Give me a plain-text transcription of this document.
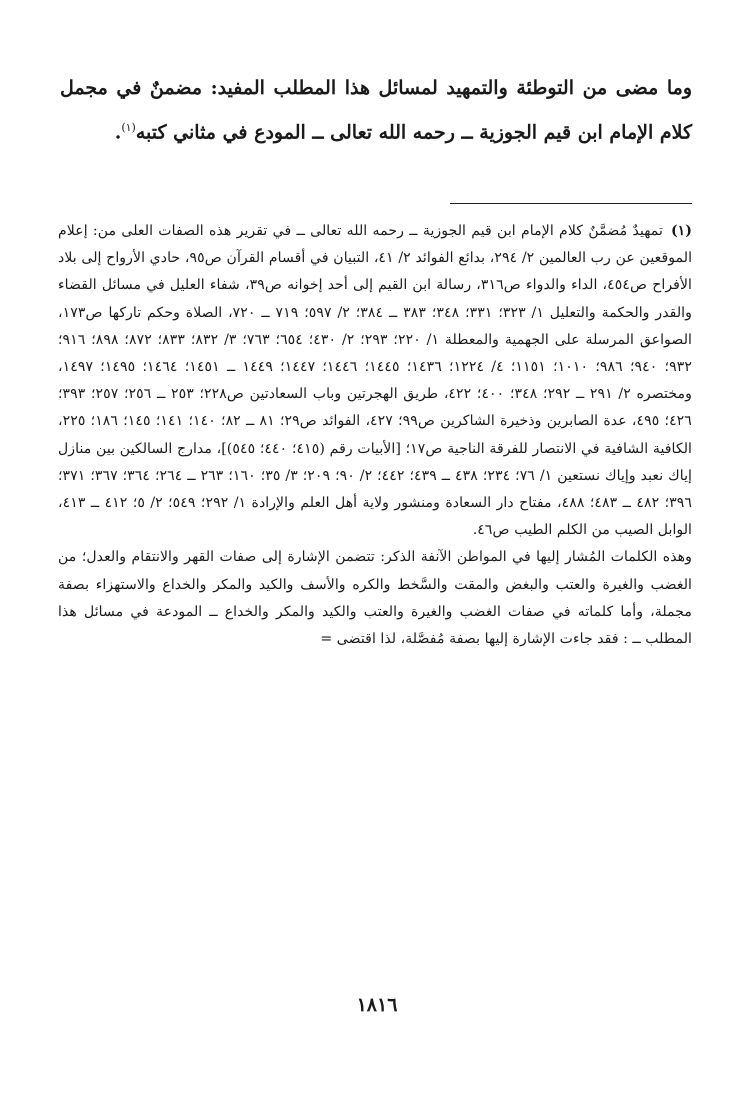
وما مضى من التوطئة والتمهيد لمسائل هذا المطلب المفيد: مضمنٌ في مجمل كلام الإمام ابن قيم الجوزية ــ رحمه الله تعالى ــ المودع في مثاني كتبه$^{(١)}$.

(١)تمهيدٌ مُضمَّنٌ كلام الإمام ابن قيم الجوزية ــ رحمه الله تعالى ــ في تقرير هذه الصفات العلى من: إعلام الموقعين عن رب العالمين ٢/ ٢٩٤، بدائع الفوائد ٢/ ٤١، التبيان في أقسام القرآن ص٩٥، حادي الأرواح إلى بلاد الأفراح ص٤٥٤، الداء والدواء ص٣١٦، رسالة ابن القيم إلى أحد إخوانه ص٣٩، شفاء العليل في مسائل القضاء والقدر والحكمة والتعليل ١/ ٣٢٣؛ ٣٣١؛ ٣٤٨؛ ٣٨٣ ــ ٣٨٤؛ ٢/ ٥٩٧؛ ٧١٩ ــ ٧٢٠، الصلاة وحكم تاركها ص١٧٣، الصواعق المرسلة على الجهمية والمعطلة ١/ ٢٢٠؛ ٢٩٣؛ ٢/ ٤٣٠؛ ٦٥٤؛ ٧٦٣؛ ٣/ ٨٣٢؛ ٨٣٣؛ ٨٧٢؛ ٨٩٨؛ ٩١٦؛ ٩٣٢؛ ٩٤٠؛ ٩٨٦؛ ١٠١٠؛ ١١٥١؛ ٤/ ١٢٢٤؛ ١٤٣٦؛ ١٤٤٥؛ ١٤٤٦؛ ١٤٤٧؛ ١٤٤٩ ــ ١٤٥١؛ ١٤٦٤؛ ١٤٩٥؛ ١٤٩٧، ومختصره ٢/ ٢٩١ ــ ٢٩٢؛ ٣٤٨؛ ٤٠٠؛ ٤٢٢، طريق الهجرتين وباب السعادتين ص٢٢٨؛ ٢٥٣ ــ ٢٥٦؛ ٢٥٧؛ ٣٩٣؛ ٤٢٦؛ ٤٩٥، عدة الصابرين وذخيرة الشاكرين ص٩٩؛ ٤٢٧، الفوائد ص٢٩؛ ٨١ ــ ٨٢؛ ١٤٠؛ ١٤١؛ ١٤٥؛ ١٨٦؛ ٢٢٥، الكافية الشافية في الانتصار للفرقة الناجية ص١٧؛ [الأبيات رقم (٤١٥؛ ٤٤٠؛ ٥٤٥)]، مدارج السالكين بين منازل إياك نعبد وإياك نستعين ١/ ٧٦؛ ٢٣٤؛ ٤٣٨ ــ ٤٣٩؛ ٤٤٢؛ ٢/ ٩٠؛ ٢٠٩؛ ٣/ ٣٥؛ ١٦٠؛ ٢٦٣ ــ ٢٦٤؛ ٣٦٤؛ ٣٦٧؛ ٣٧١؛ ٣٩٦؛ ٤٨٢ ــ ٤٨٣؛ ٤٨٨، مفتاح دار السعادة ومنشور ولاية أهل العلم والإرادة ١/ ٢٩٢؛ ٥٤٩؛ ٢/ ٥؛ ٤١٢ ــ ٤١٣، الوابل الصيب من الكلم الطيب ص٤٦.

وهذه الكلمات المُشار إليها في المواطن الآنفة الذكر: تتضمن الإشارة إلى صفات القهر والانتقام والعدل؛ من الغضب والغيرة والعتب والبغض والمقت والسَّخط والكره والأسف والكيد والمكر والخداع والاستهزاء بصفة مجملة، وأما كلماته في صفات الغضب والغيرة والعتب والكيد والمكر والخداع ــ المودعة في مسائل هذا المطلب ــ : فقد جاءت الإشارة إليها بصفة مُفصَّلة، لذا اقتضى =

١٨١٦
